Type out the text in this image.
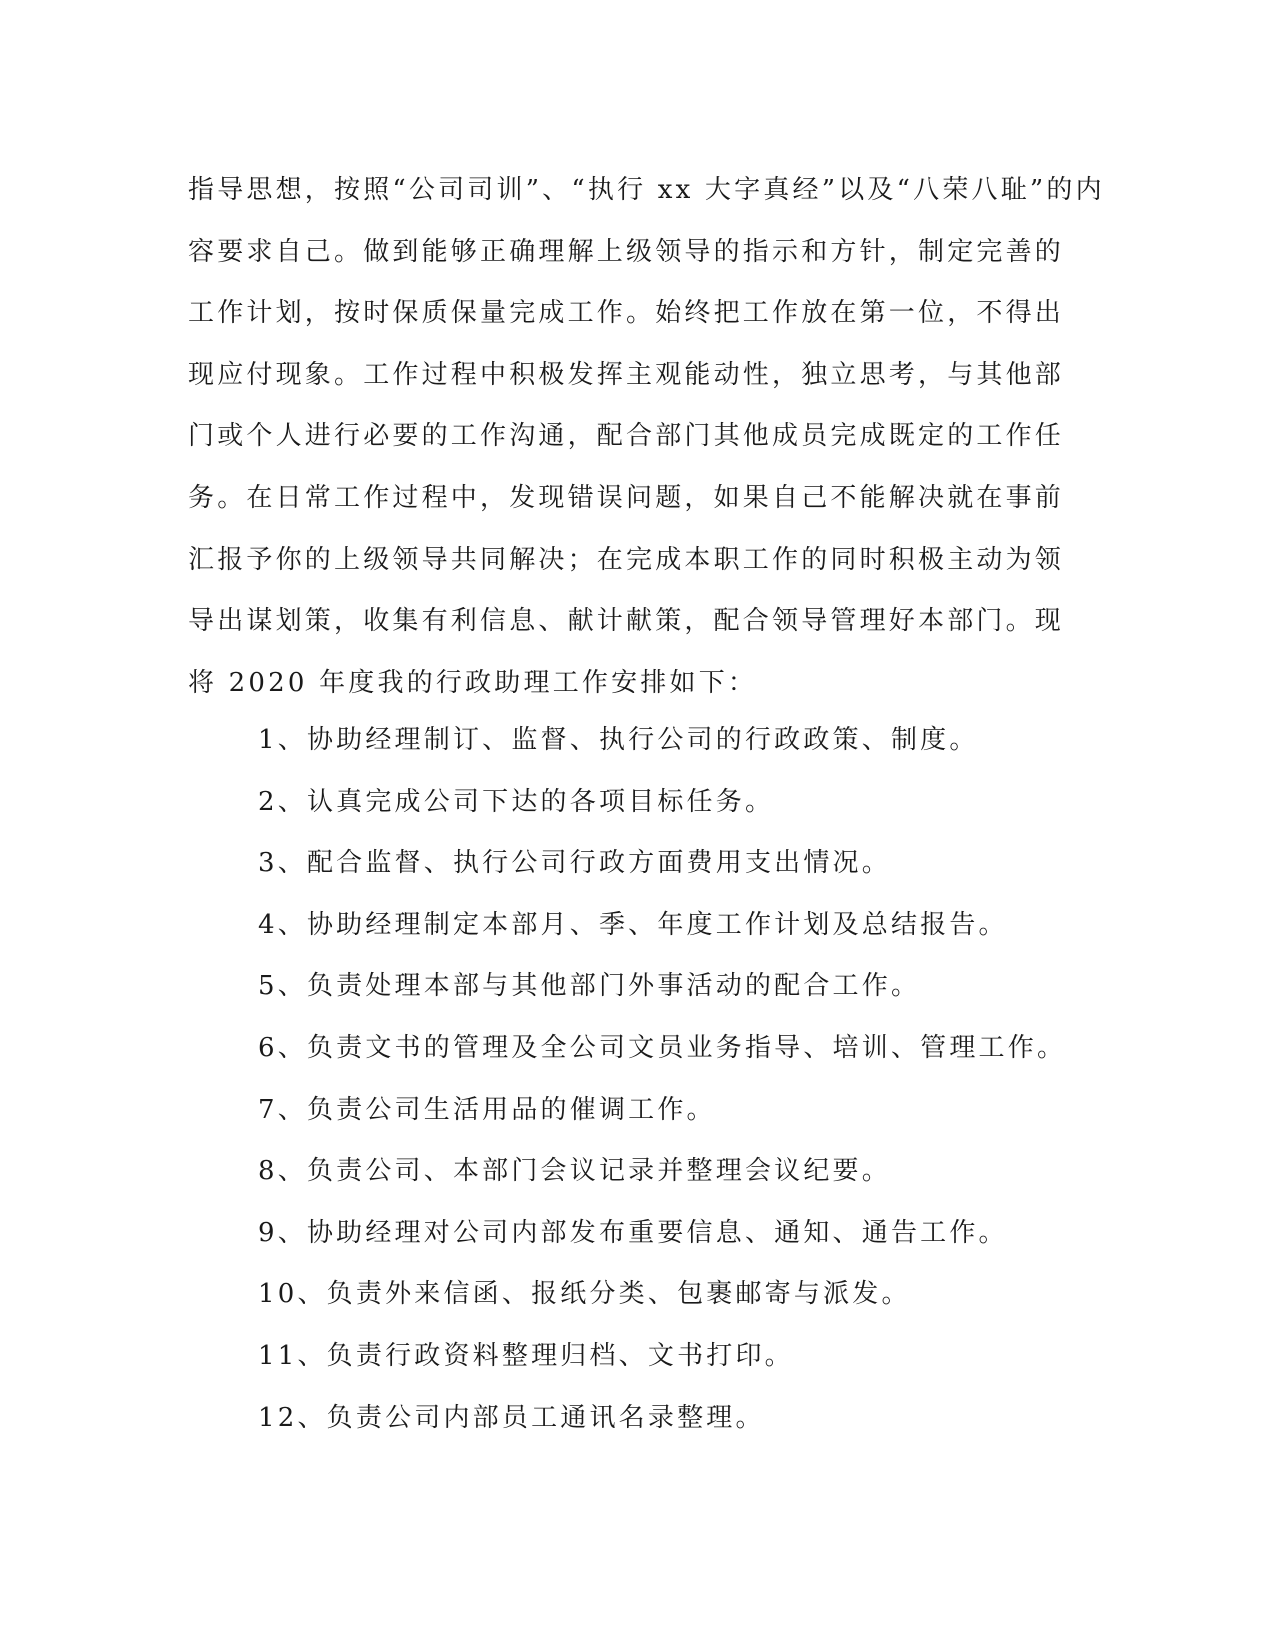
指导思想，按照“公司司训”、“执行 xx 大字真经”以及“八荣八耻”的内
容要求自己。做到能够正确理解上级领导的指示和方针，制定完善的
工作计划，按时保质保量完成工作。始终把工作放在第一位，不得出
现应付现象。工作过程中积极发挥主观能动性，独立思考，与其他部
门或个人进行必要的工作沟通，配合部门其他成员完成既定的工作任
务。在日常工作过程中，发现错误问题，如果自己不能解决就在事前
汇报予你的上级领导共同解决；在完成本职工作的同时积极主动为领
导出谋划策，收集有利信息、献计献策，配合领导管理好本部门。现
将 2020 年度我的行政助理工作安排如下：
1、协助经理制订、监督、执行公司的行政政策、制度。
2、认真完成公司下达的各项目标任务。
3、配合监督、执行公司行政方面费用支出情况。
4、协助经理制定本部月、季、年度工作计划及总结报告。
5、负责处理本部与其他部门外事活动的配合工作。
6、负责文书的管理及全公司文员业务指导、培训、管理工作。
7、负责公司生活用品的催调工作。
8、负责公司、本部门会议记录并整理会议纪要。
9、协助经理对公司内部发布重要信息、通知、通告工作。
10、负责外来信函、报纸分类、包裹邮寄与派发。
11、负责行政资料整理归档、文书打印。
12、负责公司内部员工通讯名录整理。
